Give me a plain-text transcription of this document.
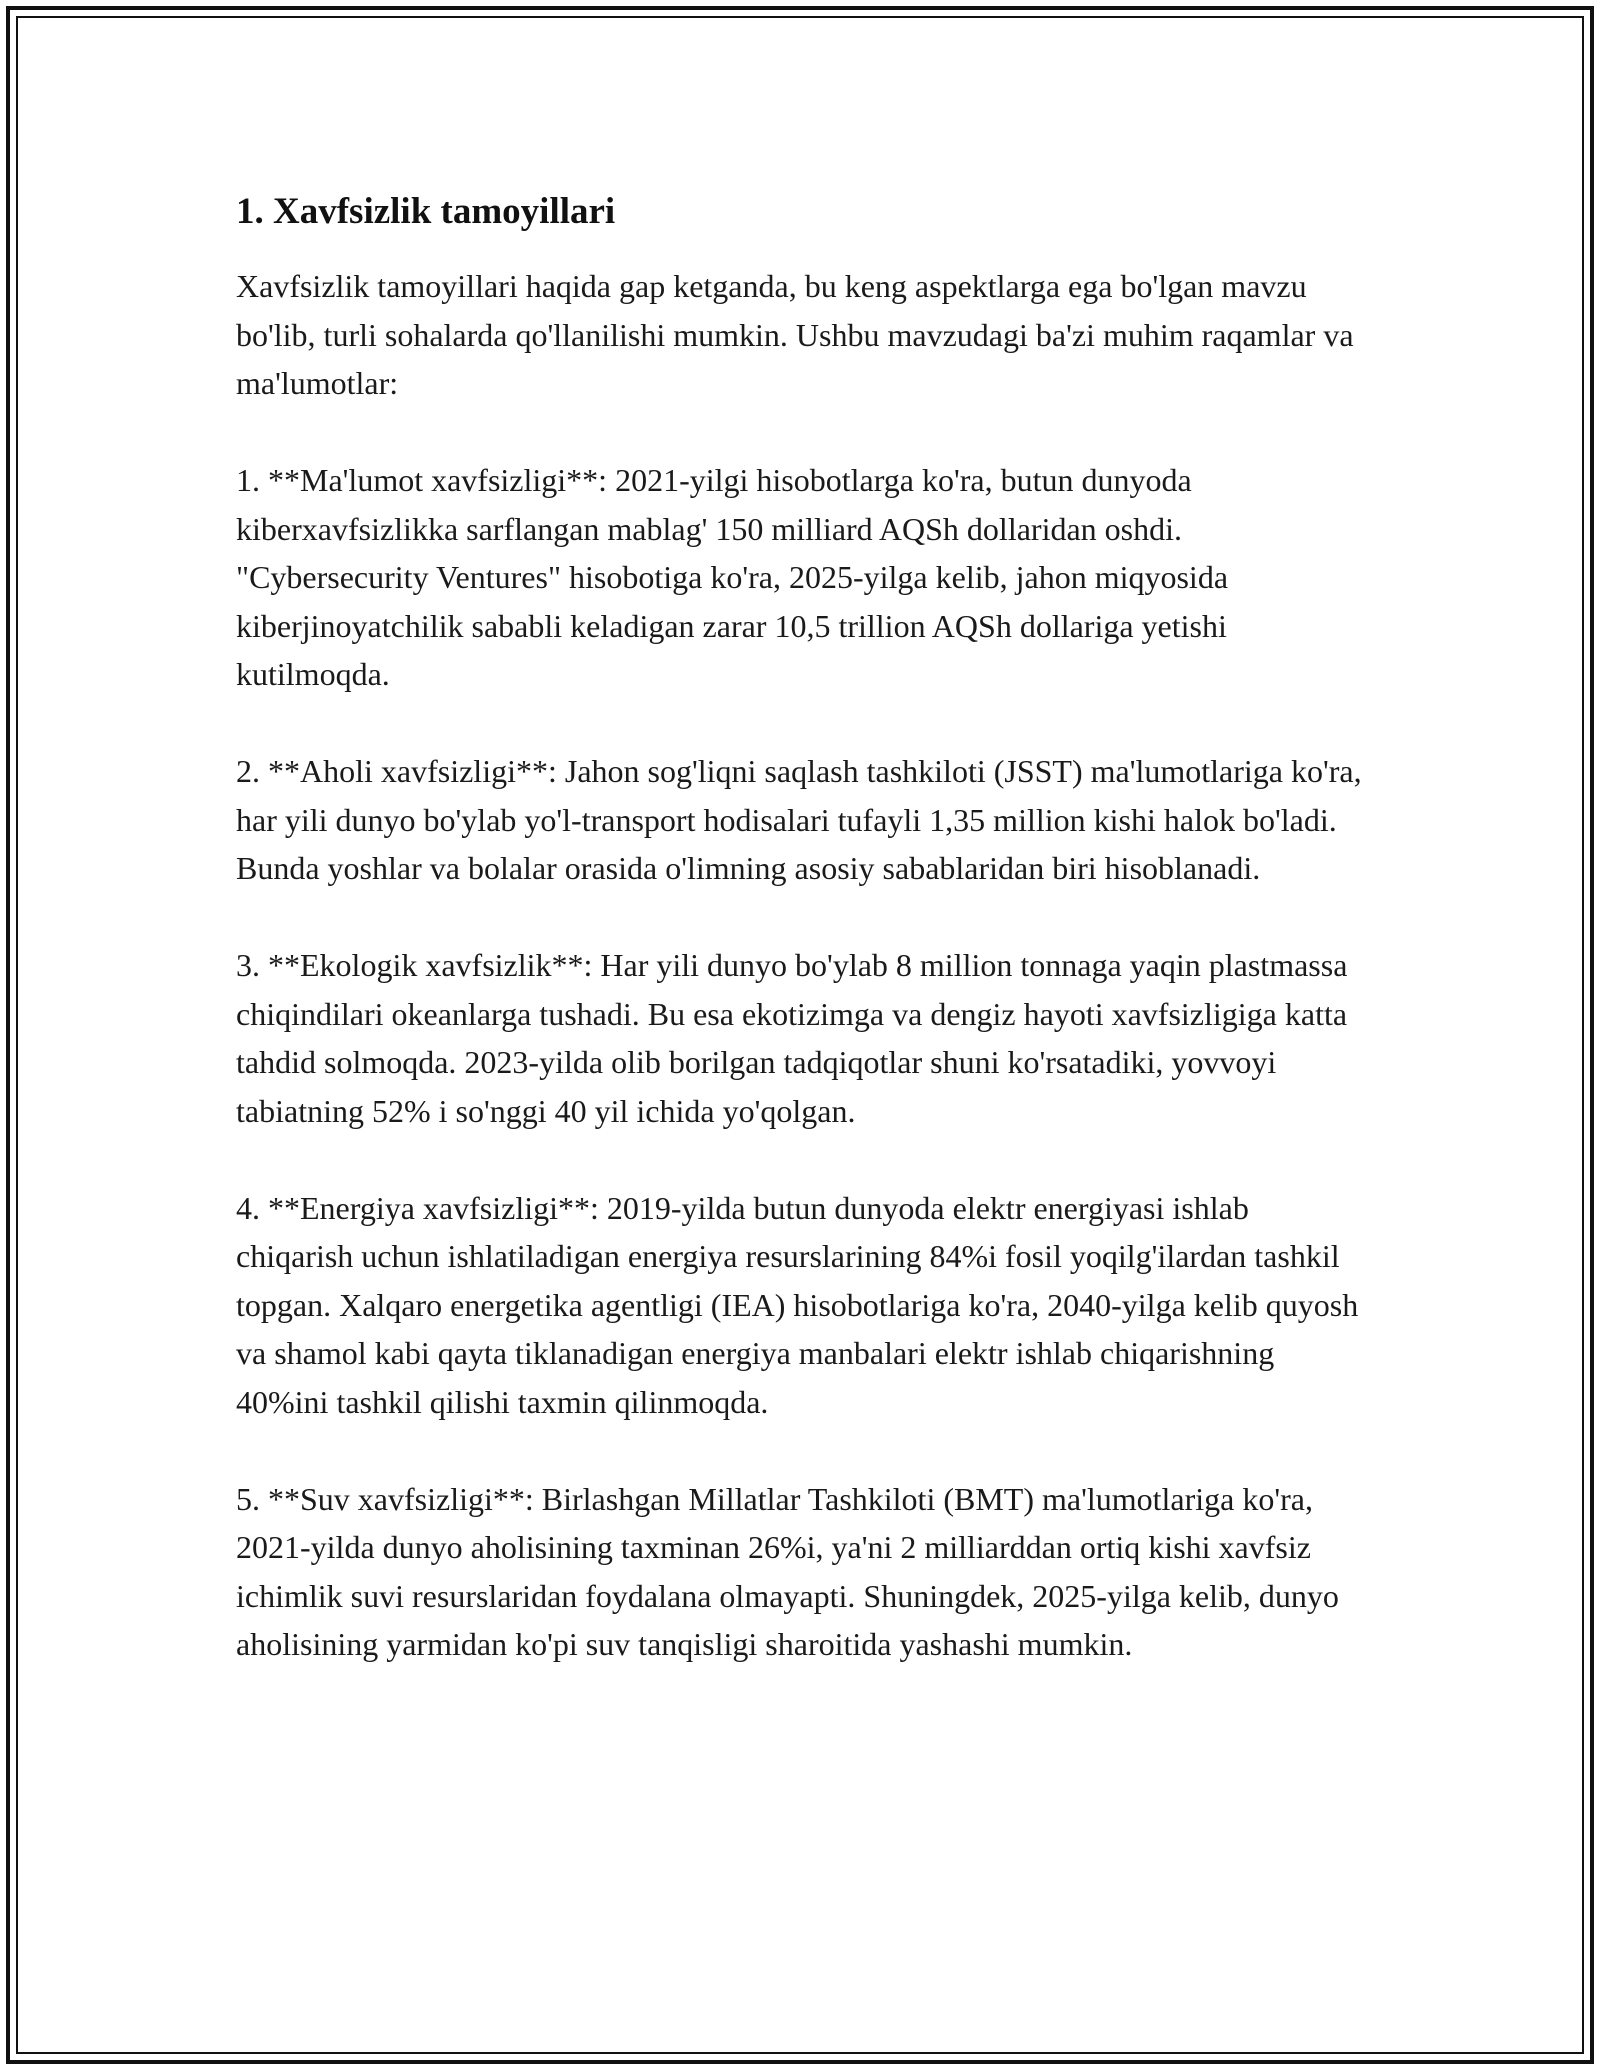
1. Xavfsizlik tamoyillari

Xavfsizlik tamoyillari haqida gap ketganda, bu keng aspektlarga ega bo'lgan mavzu bo'lib, turli sohalarda qo'llanilishi mumkin. Ushbu mavzudagi ba'zi muhim raqamlar va ma'lumotlar:

1. **Ma'lumot xavfsizligi**: 2021-yilgi hisobotlarga ko'ra, butun dunyoda kiberxavfsizlikka sarflangan mablag' 150 milliard AQSh dollaridan oshdi. "Cybersecurity Ventures" hisobotiga ko'ra, 2025-yilga kelib, jahon miqyosida kiberjinoyatchilik sababli keladigan zarar 10,5 trillion AQSh dollariga yetishi kutilmoqda.

2. **Aholi xavfsizligi**: Jahon sog'liqni saqlash tashkiloti (JSST) ma'lumotlariga ko'ra, har yili dunyo bo'ylab yo'l-transport hodisalari tufayli 1,35 million kishi halok bo'ladi. Bunda yoshlar va bolalar orasida o'limning asosiy sabablaridan biri hisoblanadi.

3. **Ekologik xavfsizlik**: Har yili dunyo bo'ylab 8 million tonnaga yaqin plastmassa chiqindilari okeanlarga tushadi. Bu esa ekotizimga va dengiz hayoti xavfsizligiga katta tahdid solmoqda. 2023-yilda olib borilgan tadqiqotlar shuni ko'rsatadiki, yovvoyi tabiatning 52% i so'nggi 40 yil ichida yo'qolgan.

4. **Energiya xavfsizligi**: 2019-yilda butun dunyoda elektr energiyasi ishlab chiqarish uchun ishlatiladigan energiya resurslarining 84%i fosil yoqilg'ilardan tashkil topgan. Xalqaro energetika agentligi (IEA) hisobotlariga ko'ra, 2040-yilga kelib quyosh va shamol kabi qayta tiklanadigan energiya manbalari elektr ishlab chiqarishning 40%ini tashkil qilishi taxmin qilinmoqda.

5. **Suv xavfsizligi**: Birlashgan Millatlar Tashkiloti (BMT) ma'lumotlariga ko'ra, 2021-yilda dunyo aholisining taxminan 26%i, ya'ni 2 milliarddan ortiq kishi xavfsiz ichimlik suvi resurslaridan foydalana olmayapti. Shuningdek, 2025-yilga kelib, dunyo aholisining yarmidan ko'pi suv tanqisligi sharoitida yashashi mumkin.
